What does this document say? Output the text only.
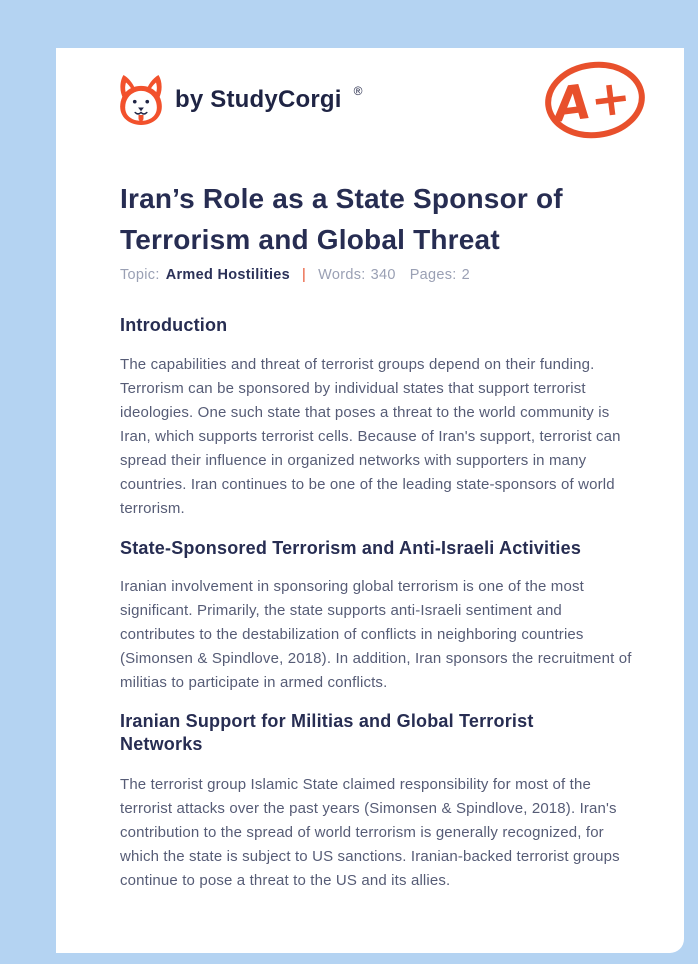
by StudyCorgi ®	A+
Iran’s Role as a State Sponsor of Terrorism and Global Threat
Topic: Armed Hostilities | Words: 340 Pages: 2
Introduction

The capabilities and threat of terrorist groups depend on their funding. Terrorism can be sponsored by individual states that support terrorist ideologies. One such state that poses a threat to the world community is Iran, which supports terrorist cells. Because of Iran's support, terrorist can spread their influence in organized networks with supporters in many countries. Iran continues to be one of the leading state-sponsors of world terrorism.

State-Sponsored Terrorism and Anti-Israeli Activities

Iranian involvement in sponsoring global terrorism is one of the most significant. Primarily, the state supports anti-Israeli sentiment and contributes to the destabilization of conflicts in neighboring countries (Simonsen & Spindlove, 2018). In addition, Iran sponsors the recruitment of militias to participate in armed conflicts.

Iranian Support for Militias and Global Terrorist Networks

The terrorist group Islamic State claimed responsibility for most of the terrorist attacks over the past years (Simonsen & Spindlove, 2018). Iran's contribution to the spread of world terrorism is generally recognized, for which the state is subject to US sanctions. Iranian-backed terrorist groups continue to pose a threat to the US and its allies.
